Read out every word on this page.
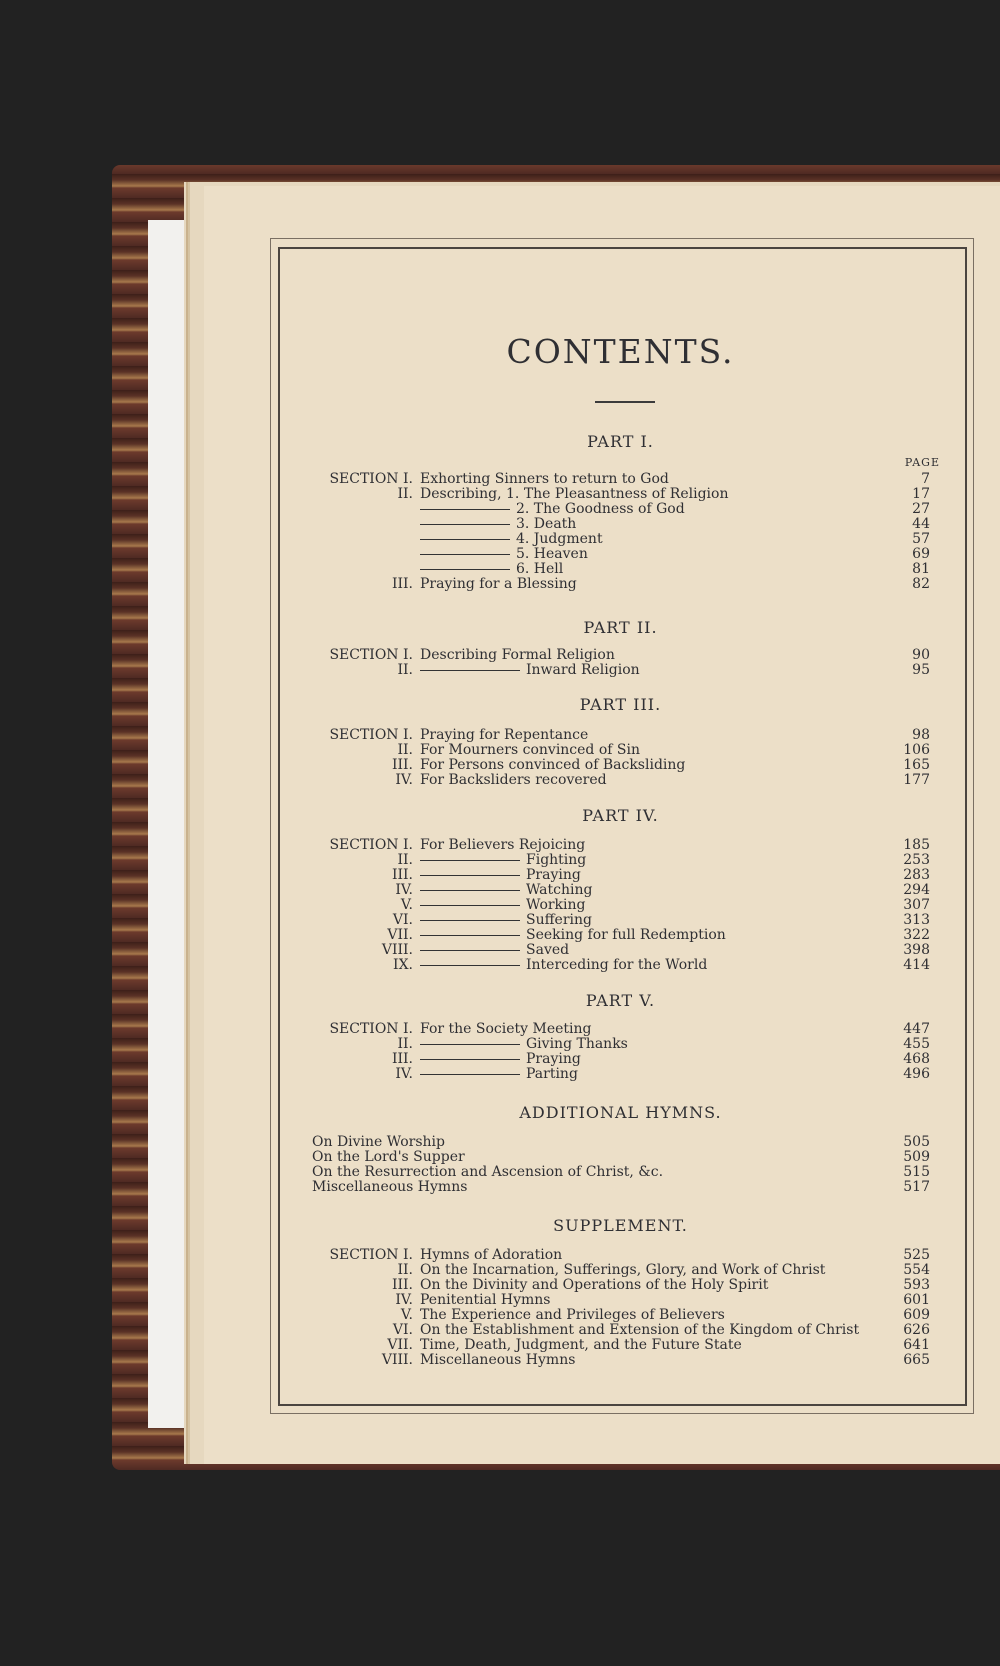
CONTENTS.
PAGE
PART I.
SECTION I. Exhorting Sinners to return to God	7
II. Describing, 1. The Pleasantness of Religion	17
2. The Goodness of God	27
3. Death	44
4. Judgment	57
5. Heaven	69
6. Hell	81
III. Praying for a Blessing	82
PART II.
SECTION I. Describing Formal Religion	90
II.	Inward Religion	95
PART III.
SECTION I. Praying for Repentance	98
II. For Mourners convinced of Sin	106
III. For Persons convinced of Backsliding	165
IV. For Backsliders recovered	177
PART IV.
SECTION I. For Believers Rejoicing	185
II.	Fighting	253
III.	Praying	283
IV.	Watching	294
V.	Working	307
VI.	Suffering	313
VII.	Seeking for full Redemption	322
VIII.	Saved	398
IX.	Interceding for the World	414
PART V.
SECTION I. For the Society Meeting	447
II.	Giving Thanks	455
III.	Praying	468
IV.	Parting	496
ADDITIONAL HYMNS.
On Divine Worship	505
On the Lord's Supper	509
On the Resurrection and Ascension of Christ, &c.	515
Miscellaneous Hymns	517
SUPPLEMENT.
SECTION I. Hymns of Adoration	525
II. On the Incarnation, Sufferings, Glory, and Work of Christ	554
III. On the Divinity and Operations of the Holy Spirit	593
IV. Penitential Hymns	601
V. The Experience and Privileges of Believers	609
VI. On the Establishment and Extension of the Kingdom of Christ	626
VII. Time, Death, Judgment, and the Future State	641
VIII. Miscellaneous Hymns	665
